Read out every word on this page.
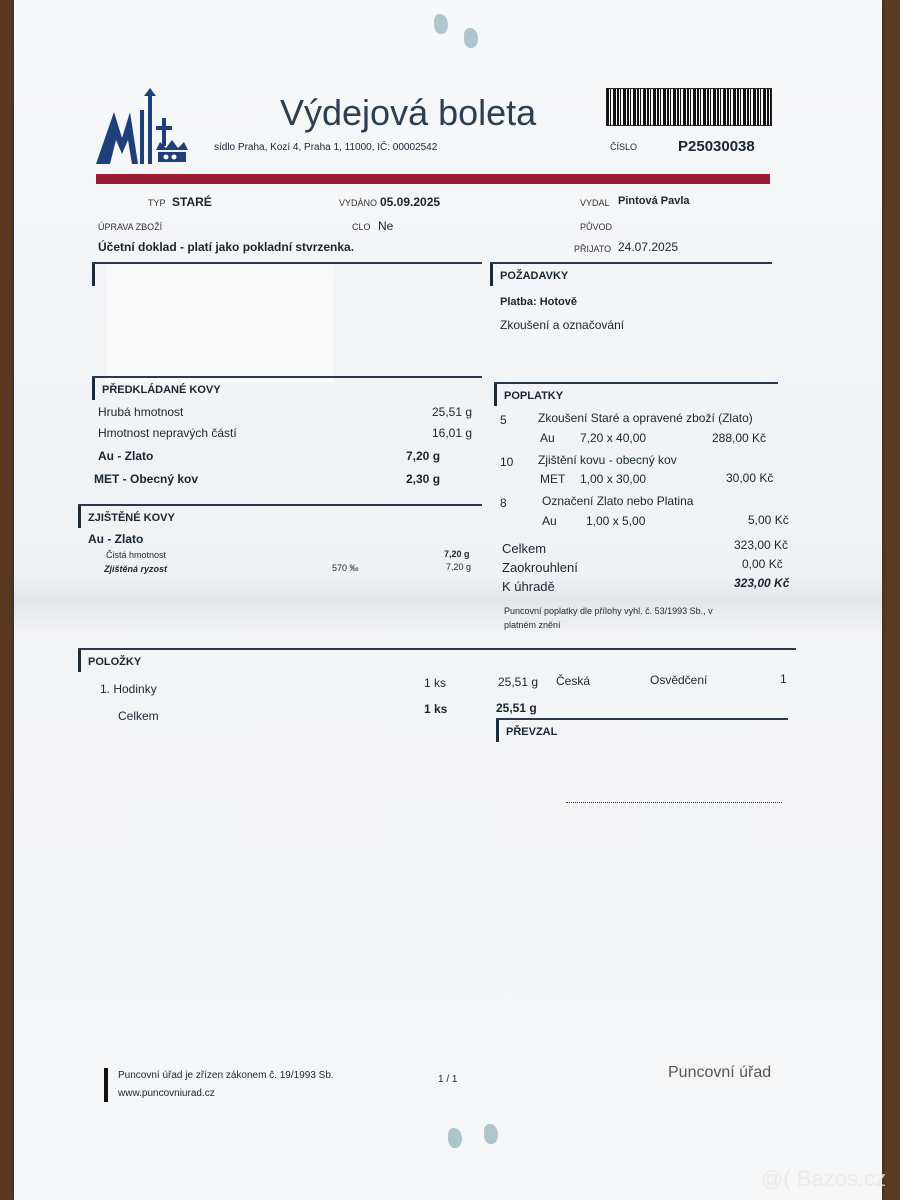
Výdejová boleta
sídlo Praha, Kozí 4, Praha 1, 11000, IČ: 00002542	ČÍSLO	P25030038
TYP STARÉ	VYDÁNO 05.09.2025	VYDAL Pintová Pavla
ÚPRAVA ZBOŽÍ	CLO Ne	PŮVOD
Účetní doklad - platí jako pokladní stvrzenka.	PŘIJATO 24.07.2025
POŽADAVKY
Platba: Hotově
Zkoušení a označování
PŘEDKLÁDANÉ KOVY
Hrubá hmotnost	25,51 g
Hmotnost nepravých částí	16,01 g
Au - Zlato	7,20 g
MET - Obecný kov	2,30 g
ZJIŠTĚNÉ KOVY
Au - Zlato
Čistá hmotnost	7,20 g
Zjištěná ryzost	570 ‰	7,20 g
POPLATKY
5	Zkoušení Staré a opravené zboží (Zlato)
Au 7,20 x 40,00	288,00 Kč
10 Zjištění kovu - obecný kov
MET 1,00 x 30,00	30,00 Kč
8	Označení Zlato nebo Platina
Au 1,00 x 5,00	5,00 Kč
Celkem	323,00 Kč
Zaokrouhlení	0,00 Kč
K úhradě	323,00 Kč
Puncovní poplatky dle přílohy vyhl. č. 53/1993 Sb., v
platném znění
POLOŽKY
1. Hodinky	1 ks	25,51 g Česká	Osvědčení	1
Celkem	1 ks	25,51 g
PŘEVZAL
Puncovní úřad je zřízen zákonem č. 19/1993 Sb.
www.puncovniurad.cz
1 / 1	Puncovní úřad
@( Bazos.cz
